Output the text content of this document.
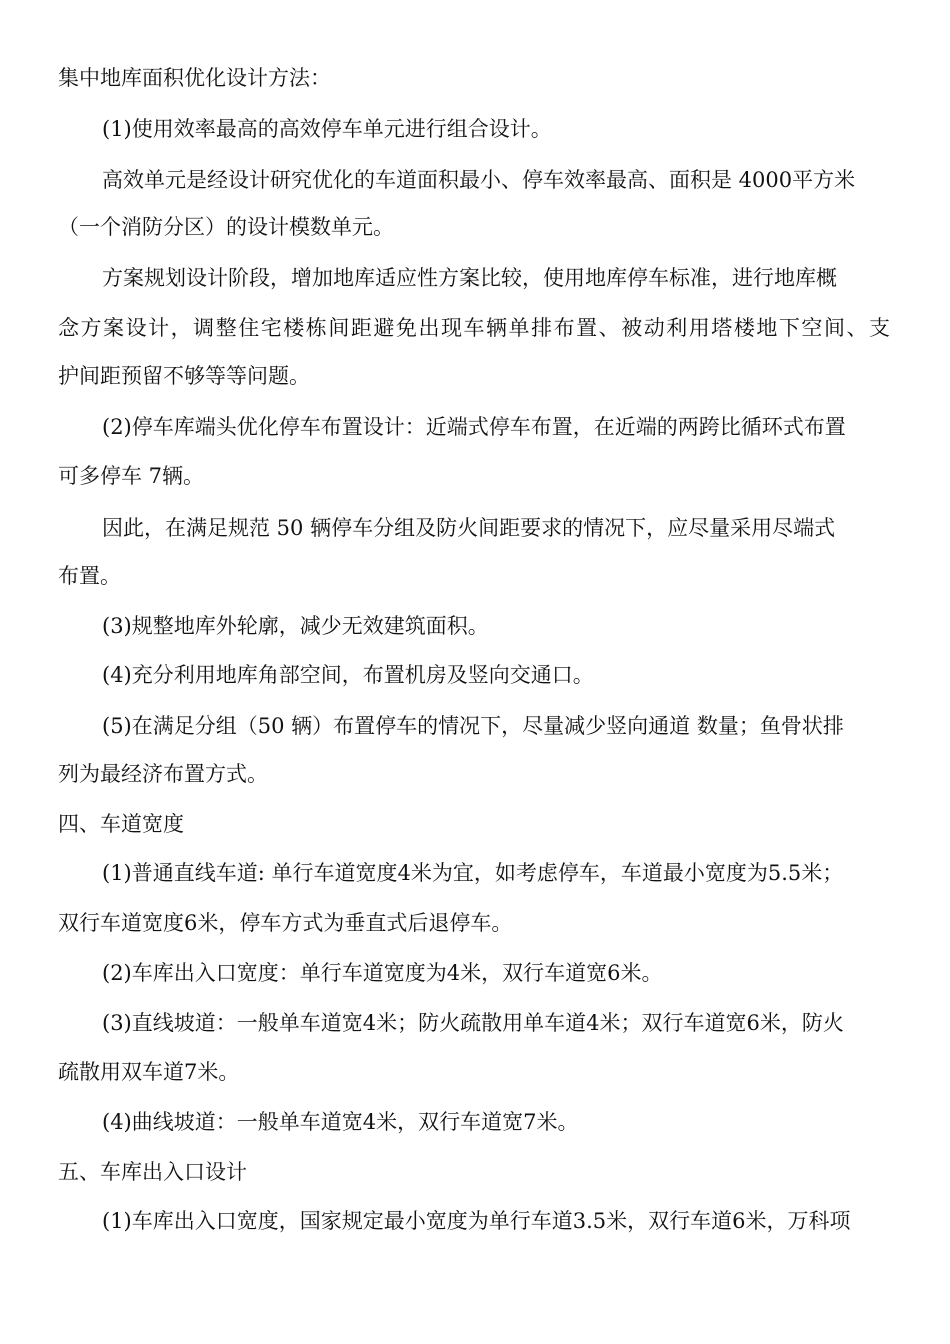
集中地库面积优化设计方法：
(1)使用效率最高的高效停车单元进行组合设计。
高效单元是经设计研究优化的车道面积最小、停车效率最高、面积是 4000平方米
（一个消防分区）的设计模数单元。
方案规划设计阶段，增加地库适应性方案比较，使用地库停车标准，进行地库概
念方案设计，调整住宅楼栋间距避免出现车辆单排布置、被动利用塔楼地下空间、支
护间距预留不够等等问题。
(2)停车库端头优化停车布置设计：近端式停车布置，在近端的两跨比循环式布置
可多停车 7辆。
因此，在满足规范 50 辆停车分组及防火间距要求的情况下，应尽量采用尽端式
布置。
(3)规整地库外轮廓，减少无效建筑面积。
(4)充分利用地库角部空间，布置机房及竖向交通口。
(5)在满足分组（50 辆）布置停车的情况下，尽量减少竖向通道 数量；鱼骨状排
列为最经济布置方式。
四、车道宽度
(1)普通直线车道: 单行车道宽度4米为宜，如考虑停车，车道最小宽度为5.5米；
双行车道宽度6米，停车方式为垂直式后退停车。
(2)车库出入口宽度：单行车道宽度为4米，双行车道宽6米。
(3)直线坡道：一般单车道宽4米；防火疏散用单车道4米；双行车道宽6米，防火
疏散用双车道7米。
(4)曲线坡道：一般单车道宽4米，双行车道宽7米。
五、车库出入口设计
(1)车库出入口宽度，国家规定最小宽度为单行车道3.5米，双行车道6米，万科项
